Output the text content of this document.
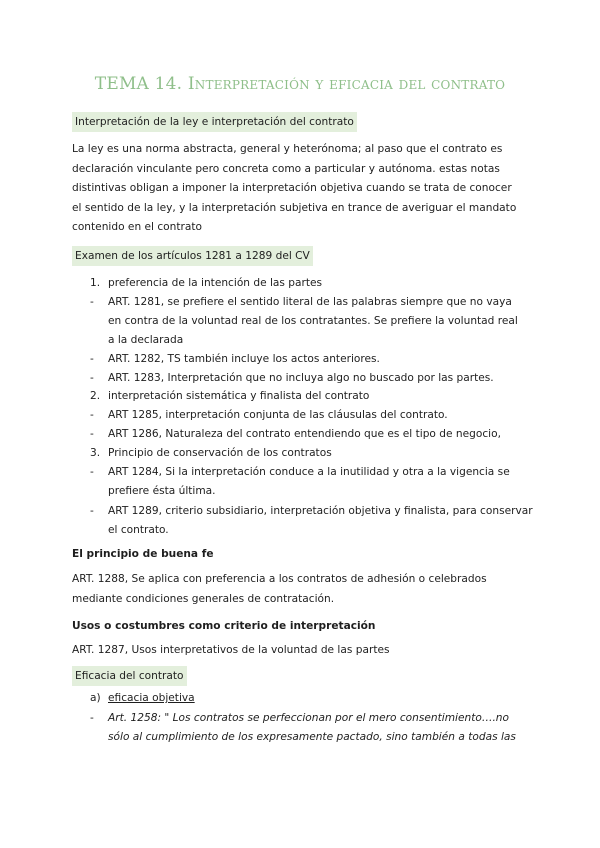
TEMA 14. Interpretación y eficacia del contrato
Interpretación de la ley e interpretación del contrato
La ley es una norma abstracta, general y heterónoma; al paso que el contrato es
declaración vinculante pero concreta como a particular y autónoma. estas notas
distintivas obligan a imponer la interpretación objetiva cuando se trata de conocer
el sentido de la ley, y la interpretación subjetiva en trance de averiguar el mandato
contenido en el contrato
Examen de los artículos 1281 a 1289 del CV
1. preferencia de la intención de las partes
- ART. 1281, se prefiere el sentido literal de las palabras siempre que no vaya
en contra de la voluntad real de los contratantes. Se prefiere la voluntad real
a la declarada
- ART. 1282, TS también incluye los actos anteriores.
- ART. 1283, Interpretación que no incluya algo no buscado por las partes.
2. interpretación sistemática y finalista del contrato
- ART 1285, interpretación conjunta de las cláusulas del contrato.
- ART 1286, Naturaleza del contrato entendiendo que es el tipo de negocio,
3. Principio de conservación de los contratos
- ART 1284, Si la interpretación conduce a la inutilidad y otra a la vigencia se
prefiere ésta última.
- ART 1289, criterio subsidiario, interpretación objetiva y finalista, para conservar
el contrato.
El principio de buena fe
ART. 1288, Se aplica con preferencia a los contratos de adhesión o celebrados
mediante condiciones generales de contratación.
Usos o costumbres como criterio de interpretación
ART. 1287, Usos interpretativos de la voluntad de las partes
Eficacia del contrato
a) eficacia objetiva
- Art. 1258: " Los contratos se perfeccionan por el mero consentimiento….no
sólo al cumplimiento de los expresamente pactado, sino también a todas las
